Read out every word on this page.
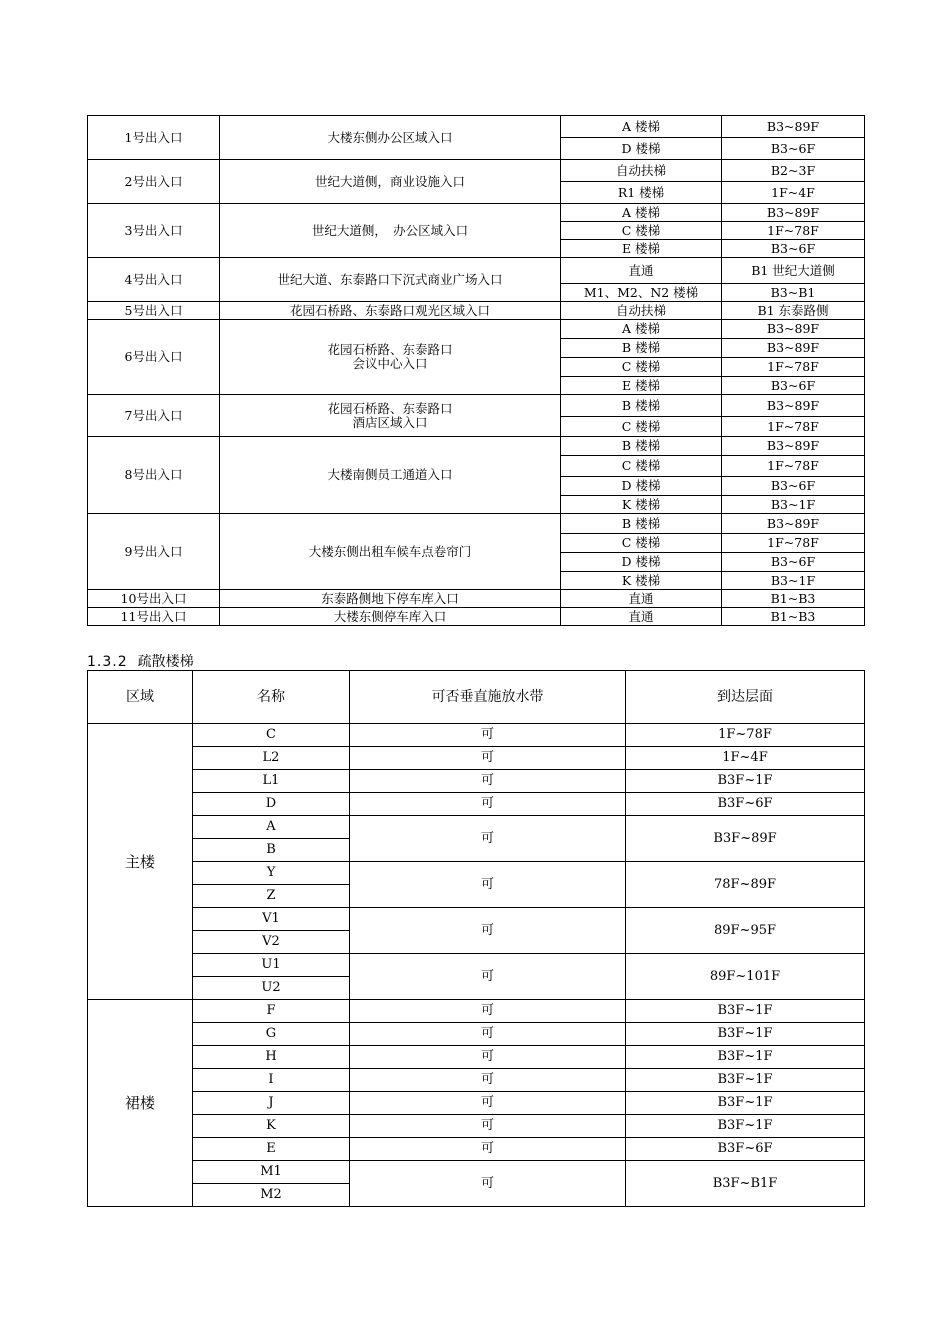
1号出入口	大楼东侧办公区域入口	A 楼梯	B3~89F
		D 楼梯	B3~6F
2号出入口	世纪大道侧，商业设施入口	自动扶梯	B2~3F
		R1 楼梯	1F~4F
3号出入口	世纪大道侧，　办公区域入口	A 楼梯	B3~89F
		C 楼梯	1F~78F
		E 楼梯	B3~6F
4号出入口	世纪大道、东泰路口下沉式商业广场入口	直通	B1 世纪大道侧
		M1、M2、N2 楼梯	B3~B1
5号出入口	花园石桥路、东泰路口观光区域入口	自动扶梯	B1 东泰路侧
6号出入口	花园石桥路、东泰路口
会议中心入口	A 楼梯	B3~89F
		B 楼梯	B3~89F
		C 楼梯	1F~78F
		E 楼梯	B3~6F
7号出入口	花园石桥路、东泰路口
酒店区域入口	B 楼梯	B3~89F
		C 楼梯	1F~78F
8号出入口	大楼南侧员工通道入口	B 楼梯	B3~89F
		C 楼梯	1F~78F
		D 楼梯	B3~6F
		K 楼梯	B3~1F
9号出入口	大楼东侧出租车候车点卷帘门	B 楼梯	B3~89F
		C 楼梯	1F~78F
		D 楼梯	B3~6F
		K 楼梯	B3~1F
10号出入口	东泰路侧地下停车库入口	直通	B1~B3
11号出入口	大楼东侧停车库入口	直通	B1~B3
1.3.2 疏散楼梯
区域	名称	可否垂直施放水带	到达层面
主楼	C	可	1F~78F
	L2	可	1F~4F
	L1	可	B3F~1F
	D	可	B3F~6F
	A	可	B3F~89F
	B		
	Y	可	78F~89F
	Z		
	V1	可	89F~95F
	V2		
	U1	可	89F~101F
	U2		
裙楼	F	可	B3F~1F
	G	可	B3F~1F
	H	可	B3F~1F
	I	可	B3F~1F
	J	可	B3F~1F
	K	可	B3F~1F
	E	可	B3F~6F
	M1	可	B3F~B1F
	M2		
